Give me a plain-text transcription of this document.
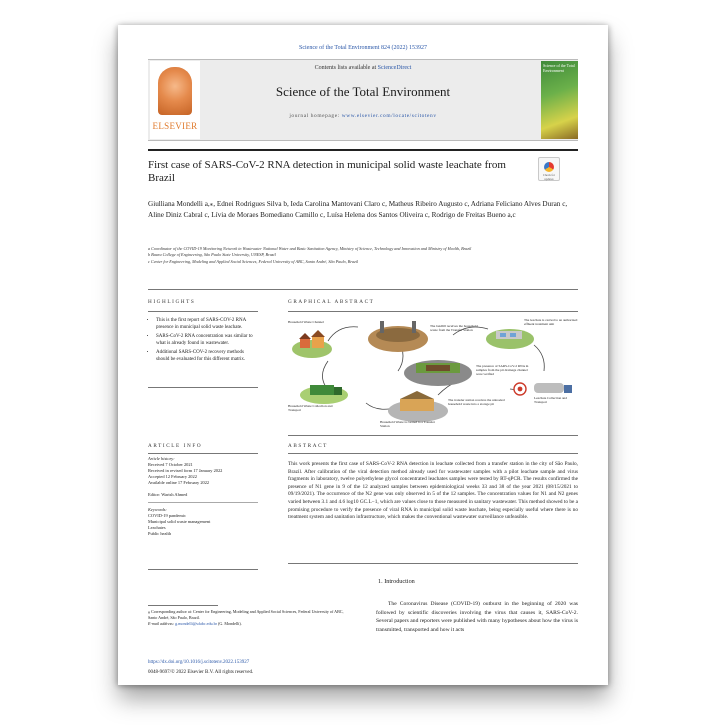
Science of the Total Environment 824 (2022) 153927
ELSEVIER
Contents lists available at ScienceDirect
Science of the Total Environment
journal homepage: www.elsevier.com/locate/scitotenv
Science of the Total Environment
First case of SARS-CoV-2 RNA detection in municipal solid waste leachate from Brazil	Check for updates
Giulliana Mondelli a,⁎, Ednei Rodrigues Silva b, Ieda Carolina Mantovani Claro c, Matheus Ribeiro Augusto c, Adriana Feliciano Alves Duran c, Aline Diniz Cabral c, Lívia de Moraes Bomediano Camillo c, Luísa Helena dos Santos Oliveira c, Rodrigo de Freitas Bueno a,c
a Coordinator of the COVID-19 Monitoring Network in Wastewater National Water and Basic Sanitation Agency, Ministry of Science, Technology and Innovation and Ministry of Health, Brazil
b Bauru College of Engineering, São Paulo State University, UNESP, Brazil
c Center for Engineering, Modeling and Applied Social Sciences, Federal University of ABC, Santo André, São Paulo, Brazil
HIGHLIGHTS
• This is the first report of SARS-COV-2 RNA presence in municipal solid waste leachate.
• SARS-CoV-2 RNA concentration was similar to what is already found in wastewater.
• Additional SARS-COV-2 recovery methods should be evaluated for this different matrix.
GRAPHICAL ABSTRACT
Household Waste Channel
The landfill receives the household waste from the Transfer Station
The leachate is carried to an authorized effluent treatment unit
Household Waste Collection and Transport
The presence of SARS-CoV-2 RNA in samples from the pit drainage channel were verified
Leachate Collection and Transport
The transfer station receives the unloaded household waste into a storage pit
Household Waste is carried to a Transfer Station
ARTICLE INFO
Article history:
Received 7 October 2021
Received in revised form 17 January 2022
Accepted 12 February 2022
Available online 17 February 2022
Editor: Warish Ahmed
Keywords:
COVID-19 pandemic
Municipal solid waste management
Leachates
Public health
ABSTRACT
This work presents the first case of SARS-CoV-2 RNA detection in leachate collected from a transfer station in the city of São Paulo, Brazil. After calibration of the viral detection method already used for wastewater samples with a pilot leachate sample and virus fragments in laboratory, twelve polyethylene glycol concentrated leachates samples were tested by RT-qPCR. The results confirmed the presence of N1 gene in 9 of the 12 analyzed samples between epidemiological weeks 33 and 38 of the year 2021 (08/15/2021 to 09/19/2021). The occurrence of the N2 gene was only observed in 5 of the 12 samples. The concentration values for N1 and N2 genes varied between 3.1 and 4.6 log10 GC.L−1, which are values close to those measured in sanitary wastewater. This method showed to be a promising procedure to verify the presence of viral RNA in municipal solid waste leachate, being especially useful where there is no treatment system and sanitation infrastructure, which makes the conventional wastewater surveillance unfeasible.
1. Introduction
The Coronavirus Disease (COVID-19) outburst in the beginning of 2020 was followed by scientific discoveries involving the virus that causes it, SARS-CoV-2. Several papers and reporters were published with many hypotheses about how the virus is transmitted, transported and how it acts
⁎ Corresponding author at: Center for Engineering, Modeling and Applied Social Sciences, Federal University of ABC, Santo André, São Paulo, Brazil.
E-mail address: g.mondelli@ufabc.edu.br (G. Mondelli).
https://dx.doi.org/10.1016/j.scitotenv.2022.153927
0048-9697/© 2022 Elsevier B.V. All rights reserved.
